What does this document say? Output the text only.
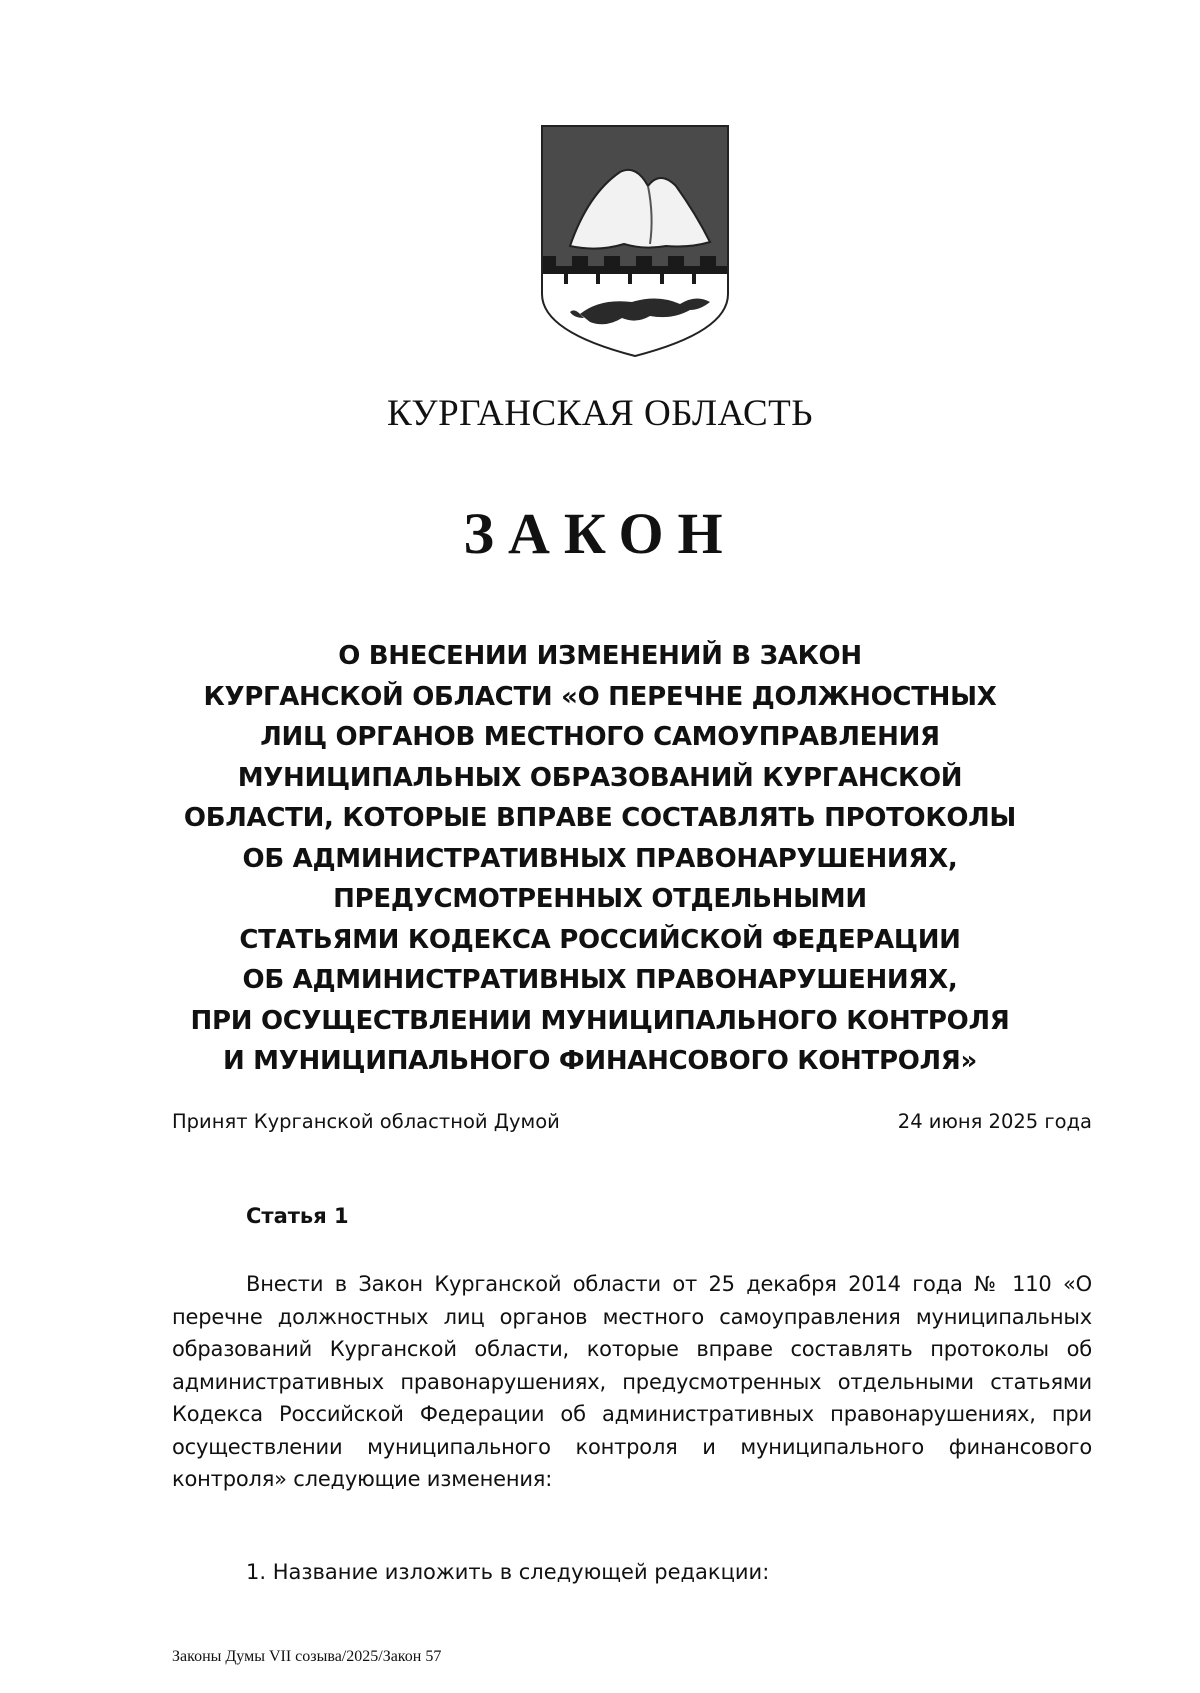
КУРГАНСКАЯ ОБЛАСТЬ
ЗАКОН
О ВНЕСЕНИИ ИЗМЕНЕНИЙ В ЗАКОН
КУРГАНСКОЙ ОБЛАСТИ «О ПЕРЕЧНЕ ДОЛЖНОСТНЫХ
ЛИЦ ОРГАНОВ МЕСТНОГО САМОУПРАВЛЕНИЯ
МУНИЦИПАЛЬНЫХ ОБРАЗОВАНИЙ КУРГАНСКОЙ
ОБЛАСТИ, КОТОРЫЕ ВПРАВЕ СОСТАВЛЯТЬ ПРОТОКОЛЫ
ОБ АДМИНИСТРАТИВНЫХ ПРАВОНАРУШЕНИЯХ,
ПРЕДУСМОТРЕННЫХ ОТДЕЛЬНЫМИ
СТАТЬЯМИ КОДЕКСА РОССИЙСКОЙ ФЕДЕРАЦИИ
ОБ АДМИНИСТРАТИВНЫХ ПРАВОНАРУШЕНИЯХ,
ПРИ ОСУЩЕСТВЛЕНИИ МУНИЦИПАЛЬНОГО КОНТРОЛЯ
И МУНИЦИПАЛЬНОГО ФИНАНСОВОГО КОНТРОЛЯ»
Принят Курганской областной Думой	24 июня 2025 года
Статья 1
Внести в Закон Курганской области от 25 декабря 2014 года № 110 «О перечне должностных лиц органов местного самоуправления муниципальных образований Курганской области, которые вправе составлять протоколы об административных правонарушениях, предусмотренных отдельными статьями Кодекса Российской Федерации об административных правонарушениях, при осуществлении муниципального контроля и муниципального финансового контроля» следующие изменения:
1. Название изложить в следующей редакции:
Законы Думы VII созыва/2025/Закон 57
